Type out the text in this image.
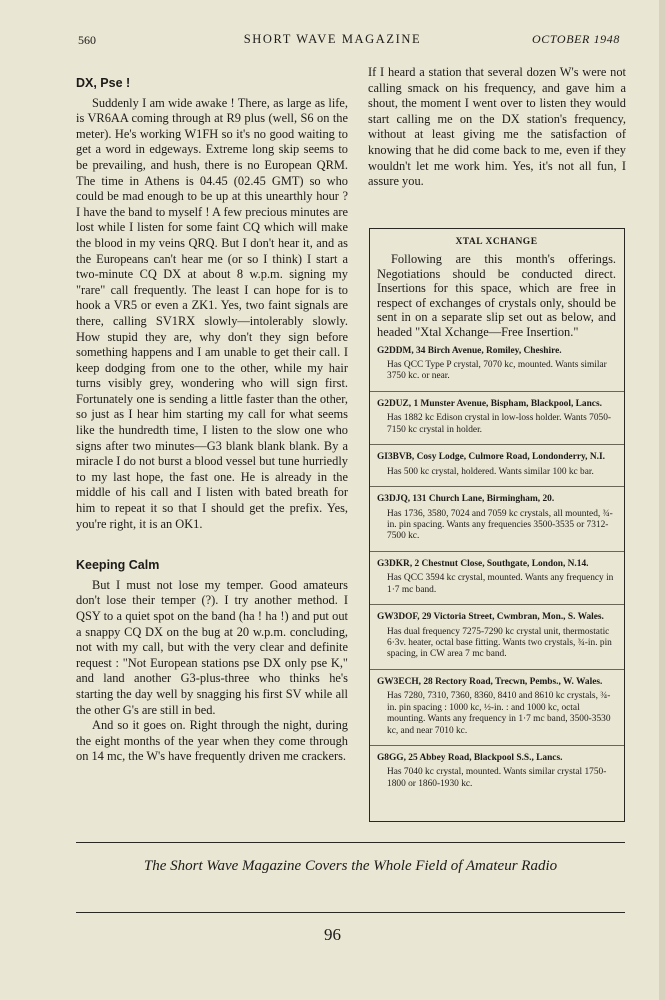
560	SHORT WAVE MAGAZINE	OCTOBER 1948
DX, Pse !

Suddenly I am wide awake ! There, as large as life, is VR6AA coming through at R9 plus (well, S6 on the meter). He's working W1FH so it's no good waiting to get a word in edgeways. Extreme long skip seems to be prevailing, and hush, there is no European QRM. The time in Athens is 04.45 (02.45 GMT) so who could be mad enough to be up at this unearthly hour ? I have the band to myself ! A few precious minutes are lost while I listen for some faint CQ which will make the blood in my veins QRQ. But I don't hear it, and as the Europeans can't hear me (or so I think) I start a two-minute CQ DX at about 8 w.p.m. signing my "rare" call frequently. The least I can hope for is to hook a VR5 or even a ZK1. Yes, two faint signals are there, calling SV1RX slowly—intolerably slowly. How stupid they are, why don't they sign before something happens and I am unable to get their call. I keep dodging from one to the other, while my hair turns visibly grey, wondering who will sign first. Fortunately one is sending a little faster than the other, so just as I hear him starting my call for what seems like the hundredth time, I listen to the slow one who signs after two minutes—G3 blank blank blank. By a miracle I do not burst a blood vessel but tune hurriedly to my last hope, the fast one. He is already in the middle of his call and I listen with bated breath for him to repeat it so that I should get the prefix. Yes, you're right, it is an OK1.

Keeping Calm

But I must not lose my temper. Good amateurs don't lose their temper (?). I try another method. I QSY to a quiet spot on the band (ha ! ha !) and put out a snappy CQ DX on the bug at 20 w.p.m. concluding, not with my call, but with the very clear and definite request : "Not European stations pse DX only pse K," and land another G3-plus-three who thinks he's starting the day well by snagging his first SV while all the other G's are still in bed.

And so it goes on. Right through the night, during the eight months of the year when they come through on 14 mc, the W's have frequently driven me crackers.

If I heard a station that several dozen W's were not calling smack on his frequency, and gave him a shout, the moment I went over to listen they would start calling me on the DX station's frequency, without at least giving me the satisfaction of knowing that he did come back to me, even if they wouldn't let me work him. Yes, it's not all fun, I assure you.

XTAL XCHANGE

Following are this month's offerings. Negotiations should be conducted direct. Insertions for this space, which are free in respect of exchanges of crystals only, should be sent in on a separate slip set out as below, and headed "Xtal Xchange—Free Insertion."

G2DDM, 34 Birch Avenue, Romiley, Cheshire.

Has QCC Type P crystal, 7070 kc, mounted. Wants similar 3750 kc. or near.

G2DUZ, 1 Munster Avenue, Bispham, Blackpool, Lancs.

Has 1882 kc Edison crystal in low-loss holder. Wants 7050-7150 kc crystal in holder.

GI3BVB, Cosy Lodge, Culmore Road, Londonderry, N.I.

Has 500 kc crystal, holdered. Wants similar 100 kc bar.

G3DJQ, 131 Church Lane, Birmingham, 20.

Has 1736, 3580, 7024 and 7059 kc crystals, all mounted, ¾-in. pin spacing. Wants any frequencies 3500-3535 or 7312-7500 kc.

G3DKR, 2 Chestnut Close, Southgate, London, N.14.

Has QCC 3594 kc crystal, mounted. Wants any frequency in 1·7 mc band.

GW3DOF, 29 Victoria Street, Cwmbran, Mon., S. Wales.

Has dual frequency 7275-7290 kc crystal unit, thermostatic 6·3v. heater, octal base fitting. Wants two crystals, ¾-in. pin spacing, in CW area 7 mc band.

GW3ECH, 28 Rectory Road, Trecwn, Pembs., W. Wales.

Has 7280, 7310, 7360, 8360, 8410 and 8610 kc crystals, ¾-in. pin spacing : 1000 kc, ½-in. : and 1000 kc, octal mounting. Wants any frequency in 1·7 mc band, 3500-3530 kc, and near 7010 kc.

G8GG, 25 Abbey Road, Blackpool S.S., Lancs.

Has 7040 kc crystal, mounted. Wants similar crystal 1750-1800 or 1860-1930 kc.

The Short Wave Magazine Covers the Whole Field of Amateur Radio
96
